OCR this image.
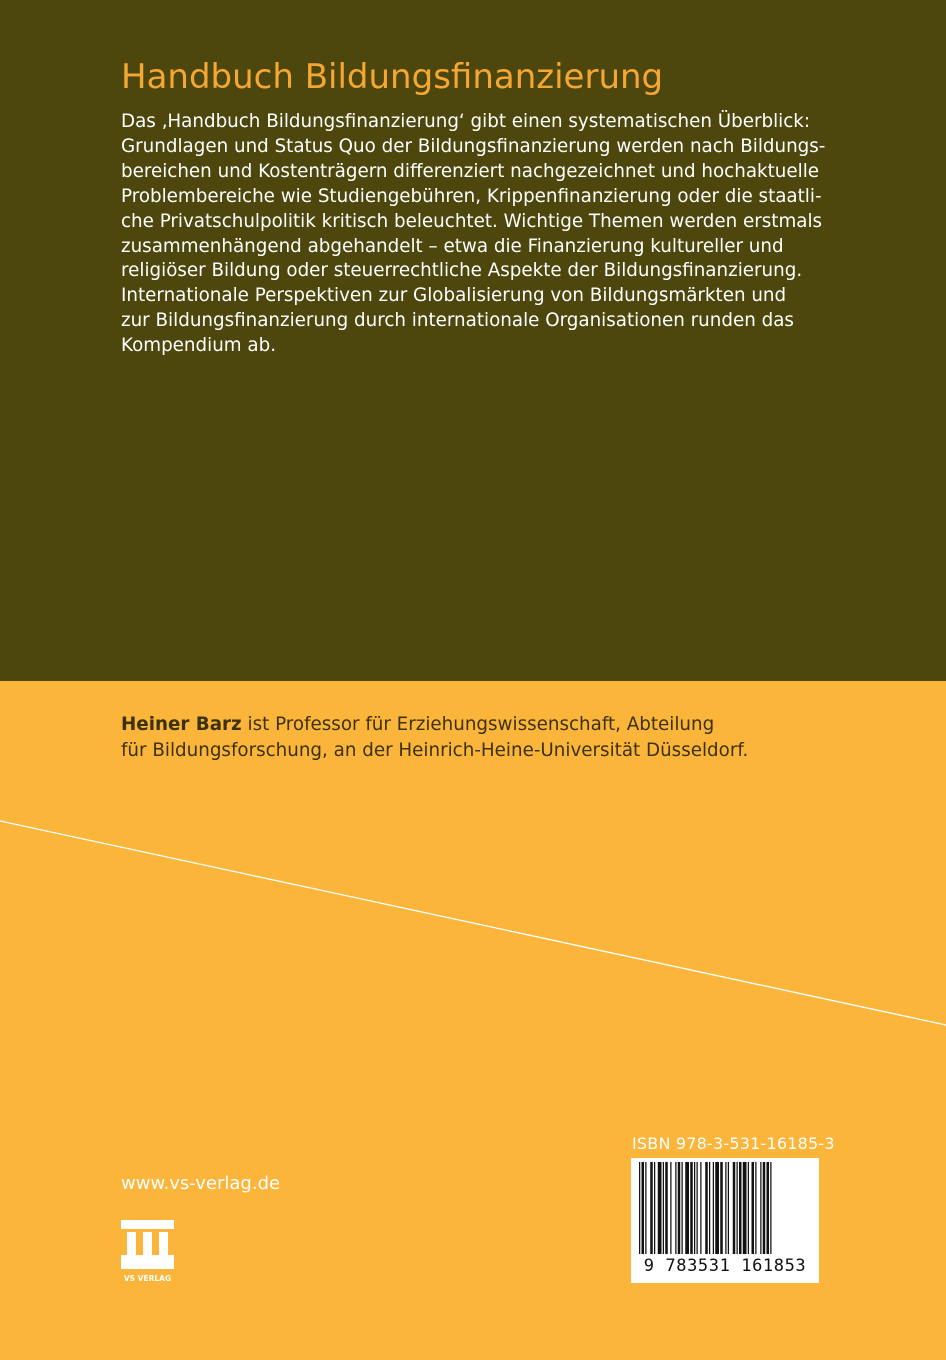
Handbuch Bildungsfinanzierung

Das ‚Handbuch Bildungsfinanzierung‘ gibt einen systematischen Überblick:
Grundlagen und Status Quo der Bildungsfinanzierung werden nach Bildungs-
bereichen und Kostenträgern differenziert nachgezeichnet und hochaktuelle
Problembereiche wie Studiengebühren, Krippenfinanzierung oder die staatli-
che Privatschulpolitik kritisch beleuchtet. Wichtige Themen werden erstmals
zusammenhängend abgehandelt – etwa die Finanzierung kultureller und
religiöser Bildung oder steuerrechtliche Aspekte der Bildungsfinanzierung.
Internationale Perspektiven zur Globalisierung von Bildungsmärkten und
zur Bildungsfinanzierung durch internationale Organisationen runden das
Kompendium ab.

Heiner Barz ist Professor für Erziehungswissenschaft, Abteilung
für Bildungsforschung, an der Heinrich-Heine-Universität Düsseldorf.

www.vs-verlag.de
VS VERLAG
ISBN 978-3-531-16185-3
9 783531 161853
